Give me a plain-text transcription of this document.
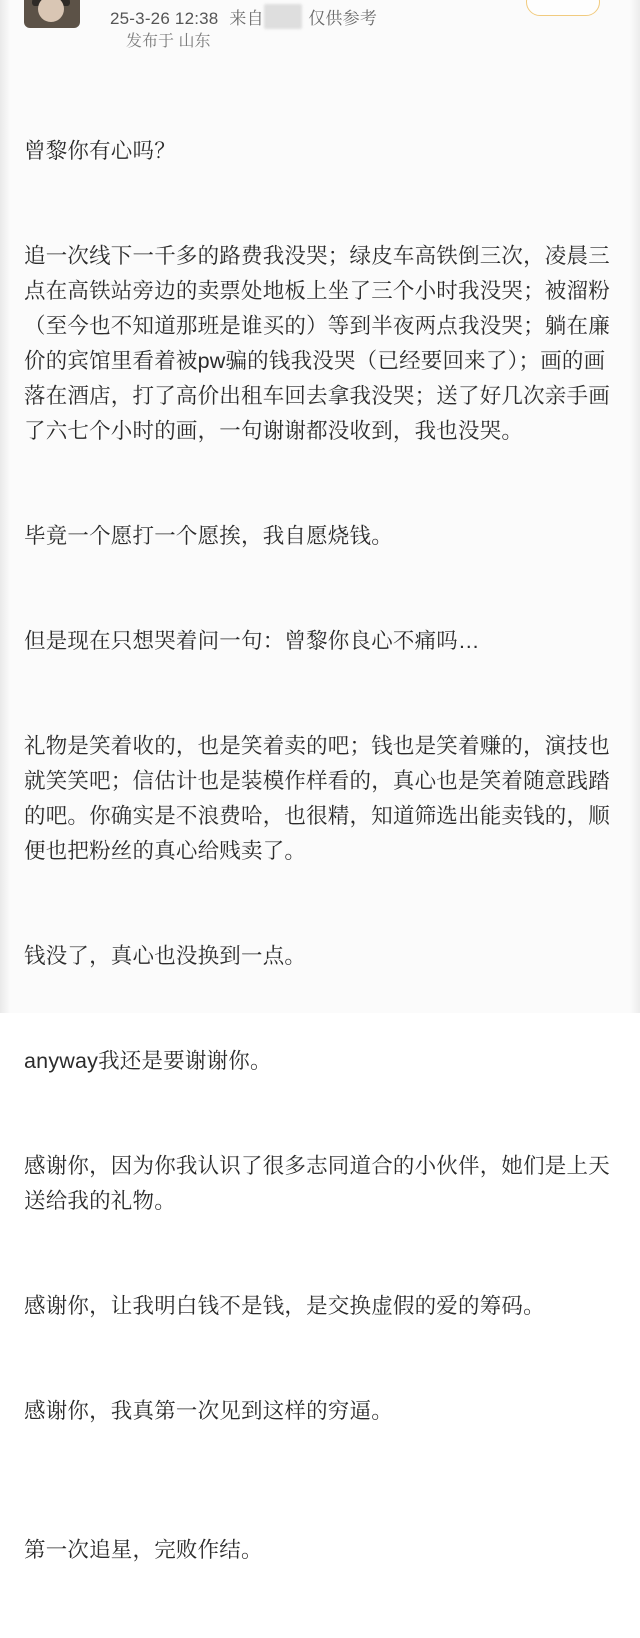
25-3-26 12:38 来自	仅供参考
发布于 山东

曾黎你有心吗？

追一次线下一千多的路费我没哭；绿皮车高铁倒三次，凌晨三点在高铁站旁边的卖票处地板上坐了三个小时我没哭；被溜粉（至今也不知道那班是谁买的）等到半夜两点我没哭；躺在廉价的宾馆里看着被pw骗的钱我没哭（已经要回来了）；画的画落在酒店，打了高价出租车回去拿我没哭；送了好几次亲手画了六七个小时的画，一句谢谢都没收到，我也没哭。

毕竟一个愿打一个愿挨，我自愿烧钱。

但是现在只想哭着问一句：曾黎你良心不痛吗…

礼物是笑着收的，也是笑着卖的吧；钱也是笑着赚的，演技也就笑笑吧；信估计也是装模作样看的，真心也是笑着随意践踏的吧。你确实是不浪费哈，也很精，知道筛选出能卖钱的，顺便也把粉丝的真心给贱卖了。

钱没了，真心也没换到一点。

anyway我还是要谢谢你。

感谢你，因为你我认识了很多志同道合的小伙伴，她们是上天送给我的礼物。

感谢你，让我明白钱不是钱，是交换虚假的爱的筹码。

感谢你，我真第一次见到这样的穷逼。

第一次追星，完败作结。
